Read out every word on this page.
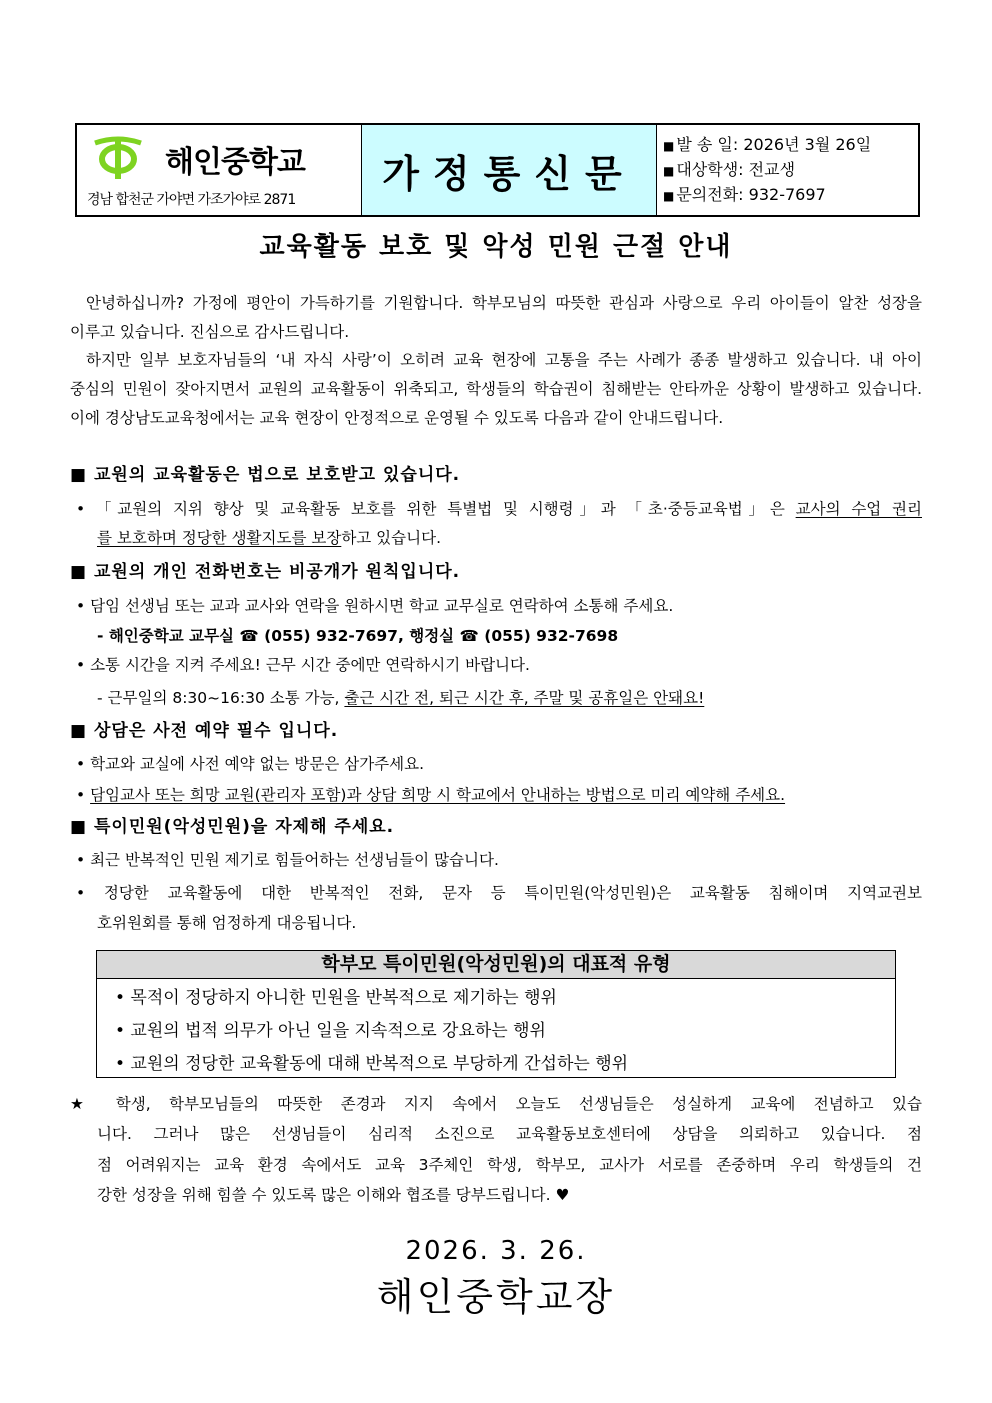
해인중학교
경남 합천군 가야면 가조가야로 2871
가정통신문
■ 발 송 일: 2026년 3월 26일
■ 대상학생: 전교생
■ 문의전화: 932-7697
교육활동 보호 및 악성 민원 근절 안내
안녕하십니까? 가정에 평안이 가득하기를 기원합니다. 학부모님의 따뜻한 관심과 사랑으로 우리 아이들이 알찬 성장을
이루고 있습니다. 진심으로 감사드립니다.
하지만 일부 보호자님들의 ‘내 자식 사랑’이 오히려 교육 현장에 고통을 주는 사례가 종종 발생하고 있습니다. 내 아이
중심의 민원이 잦아지면서 교원의 교육활동이 위축되고, 학생들의 학습권이 침해받는 안타까운 상황이 발생하고 있습니다.
이에 경상남도교육청에서는 교육 현장이 안정적으로 운영될 수 있도록 다음과 같이 안내드립니다.
■ 교원의 교육활동은 법으로 보호받고 있습니다.
• 「교원의 지위 향상 및 교육활동 보호를 위한 특별법 및 시행령」과 「초·중등교육법」은 교사의 수업 권리
를 보호하며 정당한 생활지도를 보장하고 있습니다.
■ 교원의 개인 전화번호는 비공개가 원칙입니다.
• 담임 선생님 또는 교과 교사와 연락을 원하시면 학교 교무실로 연락하여 소통해 주세요.
- 해인중학교 교무실 ☎ (055) 932-7697, 행정실 ☎ (055) 932-7698
• 소통 시간을 지켜 주세요! 근무 시간 중에만 연락하시기 바랍니다.
- 근무일의 8:30~16:30 소통 가능, 출근 시간 전, 퇴근 시간 후, 주말 및 공휴일은 안돼요!
■ 상담은 사전 예약 필수 입니다.
• 학교와 교실에 사전 예약 없는 방문은 삼가주세요.
• 담임교사 또는 희망 교원(관리자 포함)과 상담 희망 시 학교에서 안내하는 방법으로 미리 예약해 주세요.
■ 특이민원(악성민원)을 자제해 주세요.
• 최근 반복적인 민원 제기로 힘들어하는 선생님들이 많습니다.
• 정당한 교육활동에 대한 반복적인 전화, 문자 등 특이민원(악성민원)은 교육활동 침해이며 지역교권보
호위원회를 통해 엄정하게 대응됩니다.
★ 학생, 학부모님들의 따뜻한 존경과 지지 속에서 오늘도 선생님들은 성실하게 교육에 전념하고 있습
니다. 그러나 많은 선생님들이 심리적 소진으로 교육활동보호센터에 상담을 의뢰하고 있습니다. 점
점 어려워지는 교육 환경 속에서도 교육 3주체인 학생, 학부모, 교사가 서로를 존중하며 우리 학생들의 건
강한 성장을 위해 힘쓸 수 있도록 많은 이해와 협조를 당부드립니다. ♥
학부모 특이민원(악성민원)의 대표적 유형
• 목적이 정당하지 아니한 민원을 반복적으로 제기하는 행위
• 교원의 법적 의무가 아닌 일을 지속적으로 강요하는 행위
• 교원의 정당한 교육활동에 대해 반복적으로 부당하게 간섭하는 행위
2026. 3. 26.
해인중학교장
